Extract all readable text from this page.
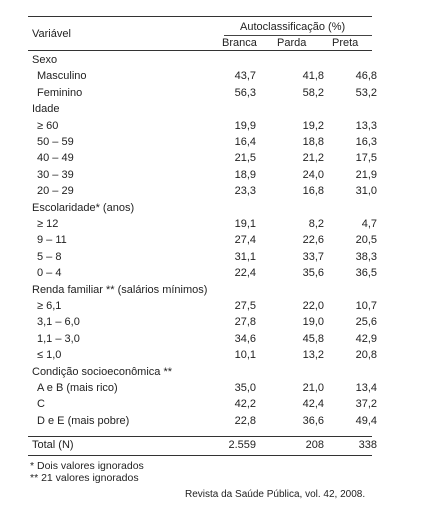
Autoclassificação (%)
Variável
Branca Parda Preta
Sexo
Masculino	43,7	41,8	46,8
Feminino	56,3	58,2	53,2
Idade
≥ 60	19,9	19,2	13,3
50 – 59	16,4	18,8	16,3
40 – 49	21,5	21,2	17,5
30 – 39	18,9	24,0	21,9
20 – 29	23,3	16,8	31,0
Escolaridade* (anos)
≥ 12	19,1	8,2	4,7
9 – 11	27,4	22,6	20,5
5 – 8	31,1	33,7	38,3
0 – 4	22,4	35,6	36,5
Renda familiar ** (salários mínimos)
≥ 6,1	27,5	22,0	10,7
3,1 – 6,0	27,8	19,0	25,6
1,1 – 3,0	34,6	45,8	42,9
≤ 1,0	10,1	13,2	20,8
Condição socioeconômica **
A e B (mais rico)	35,0	21,0	13,4
C	42,2	42,4	37,2
D e E (mais pobre)	22,8	36,6	49,4
Total (N)	2.559	208	338
* Dois valores ignorados
** 21 valores ignorados
Revista da Saúde Pública, vol. 42, 2008.
